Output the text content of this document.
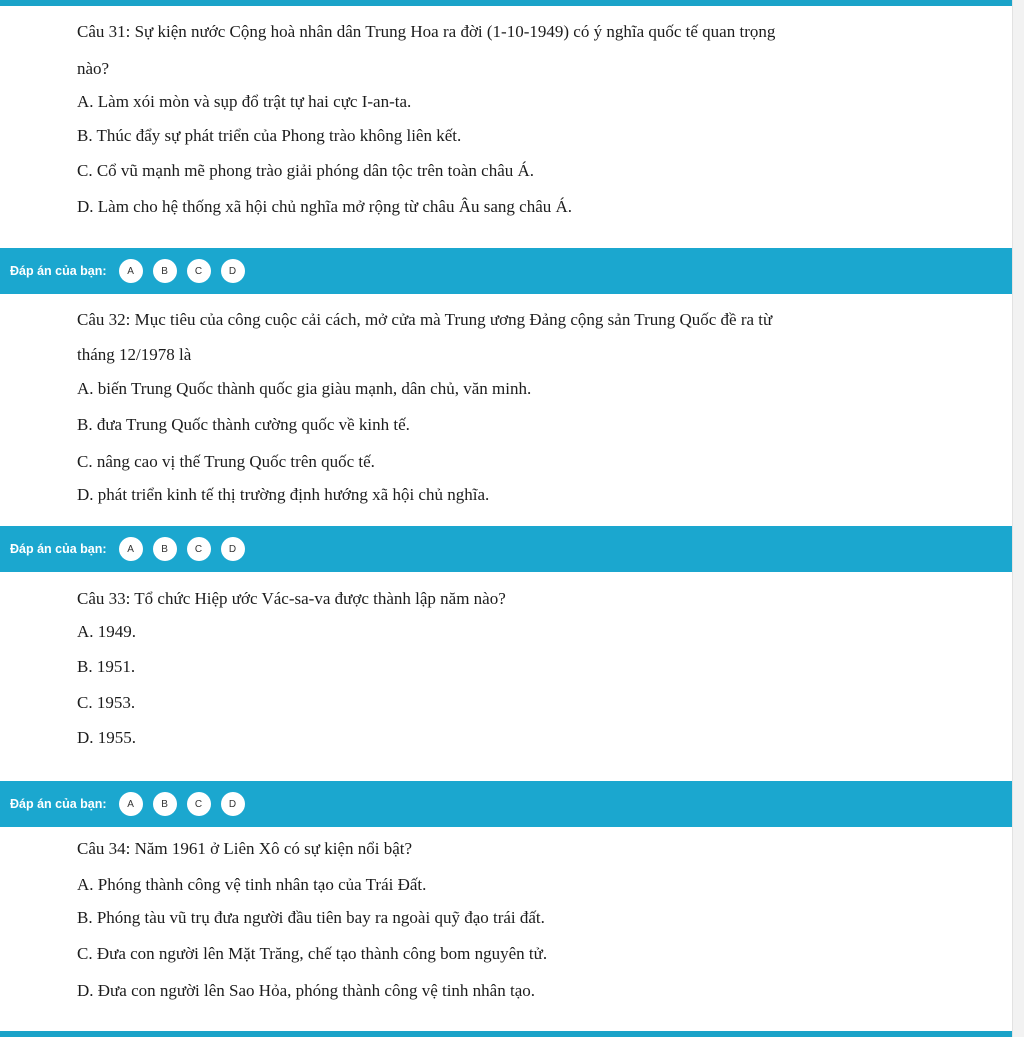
Câu 31: Sự kiện nước Cộng hoà nhân dân Trung Hoa ra đời (1-10-1949) có ý nghĩa quốc tế quan trọng
nào?
A. Làm xói mòn và sụp đổ trật tự hai cực I-an-ta.
B. Thúc đẩy sự phát triển của Phong trào không liên kết.
C. Cổ vũ mạnh mẽ phong trào giải phóng dân tộc trên toàn châu Á.
D. Làm cho hệ thống xã hội chủ nghĩa mở rộng từ châu Âu sang châu Á.
Đáp án của bạn:	A	B	C	D
Câu 32: Mục tiêu của công cuộc cải cách, mở cửa mà Trung ương Đảng cộng sản Trung Quốc đề ra từ
tháng 12/1978 là
A. biến Trung Quốc thành quốc gia giàu mạnh, dân chủ, văn minh.
B. đưa Trung Quốc thành cường quốc về kinh tế.
C. nâng cao vị thế Trung Quốc trên quốc tế.
D. phát triển kinh tế thị trường định hướng xã hội chủ nghĩa.
Đáp án của bạn:	A	B	C	D
Câu 33: Tổ chức Hiệp ước Vác-sa-va được thành lập năm nào?
A. 1949.
B. 1951.
C. 1953.
D. 1955.
Đáp án của bạn:	A	B	C	D
Câu 34: Năm 1961 ở Liên Xô có sự kiện nổi bật?
A. Phóng thành công vệ tinh nhân tạo của Trái Đất.
B. Phóng tàu vũ trụ đưa người đầu tiên bay ra ngoài quỹ đạo trái đất.
C. Đưa con người lên Mặt Trăng, chế tạo thành công bom nguyên tử.
D. Đưa con người lên Sao Hỏa, phóng thành công vệ tinh nhân tạo.
